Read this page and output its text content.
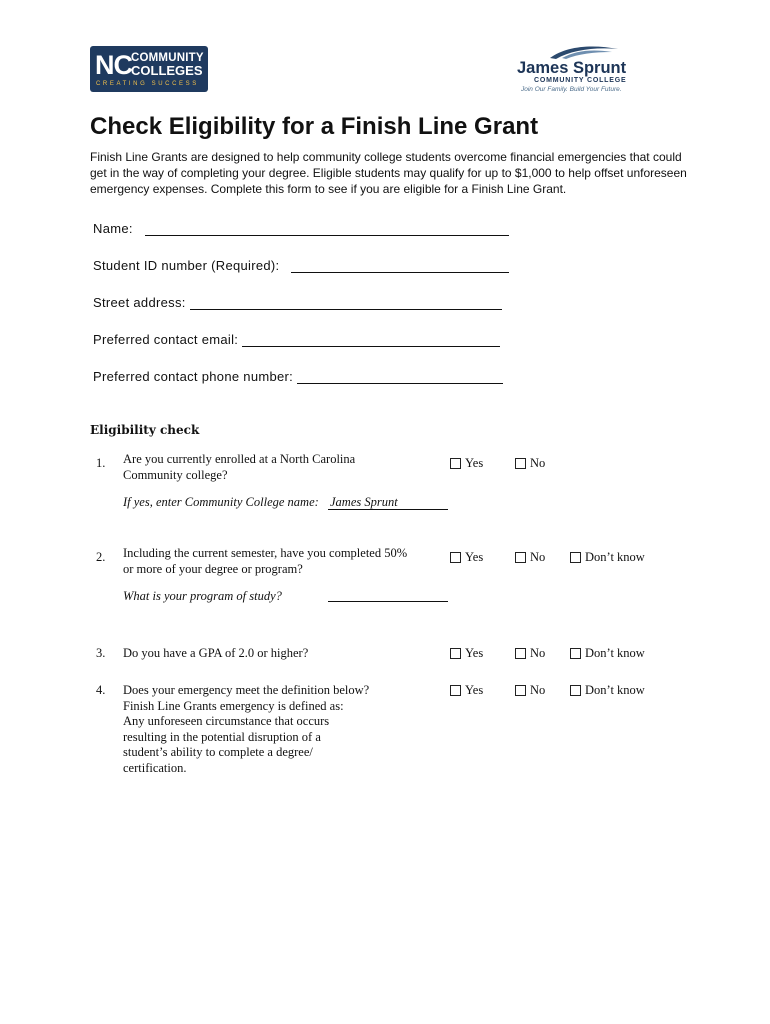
NC COMMUNITY
COLLEGES
CREATING SUCCESS
James Sprunt
COMMUNITY COLLEGE
Join Our Family. Build Your Future.
Check Eligibility for a Finish Line Grant
Finish Line Grants are designed to help community college students overcome financial emergencies that could get in the way of completing your degree. Eligible students may qualify for up to $1,000 to help offset unforeseen emergency expenses. Complete this form to see if you are eligible for a Finish Line Grant.
Name:
Student ID number (Required):
Street address:
Preferred contact email:
Preferred contact phone number:
Eligibility check
1. Are you currently enrolled at a North Carolina
Community college?
Yes	No
If yes, enter Community College name: James Sprunt
2. Including the current semester, have you completed 50%
or more of your degree or program?
Yes	No	Don’t know
What is your program of study?
3. Do you have a GPA of 2.0 or higher?	Yes	No	Don’t know
4. Does your emergency meet the definition below?
Finish Line Grants emergency is defined as:
Any unforeseen circumstance that occurs
resulting in the potential disruption of a
student’s ability to complete a degree/
certification.
Yes	No	Don’t know
